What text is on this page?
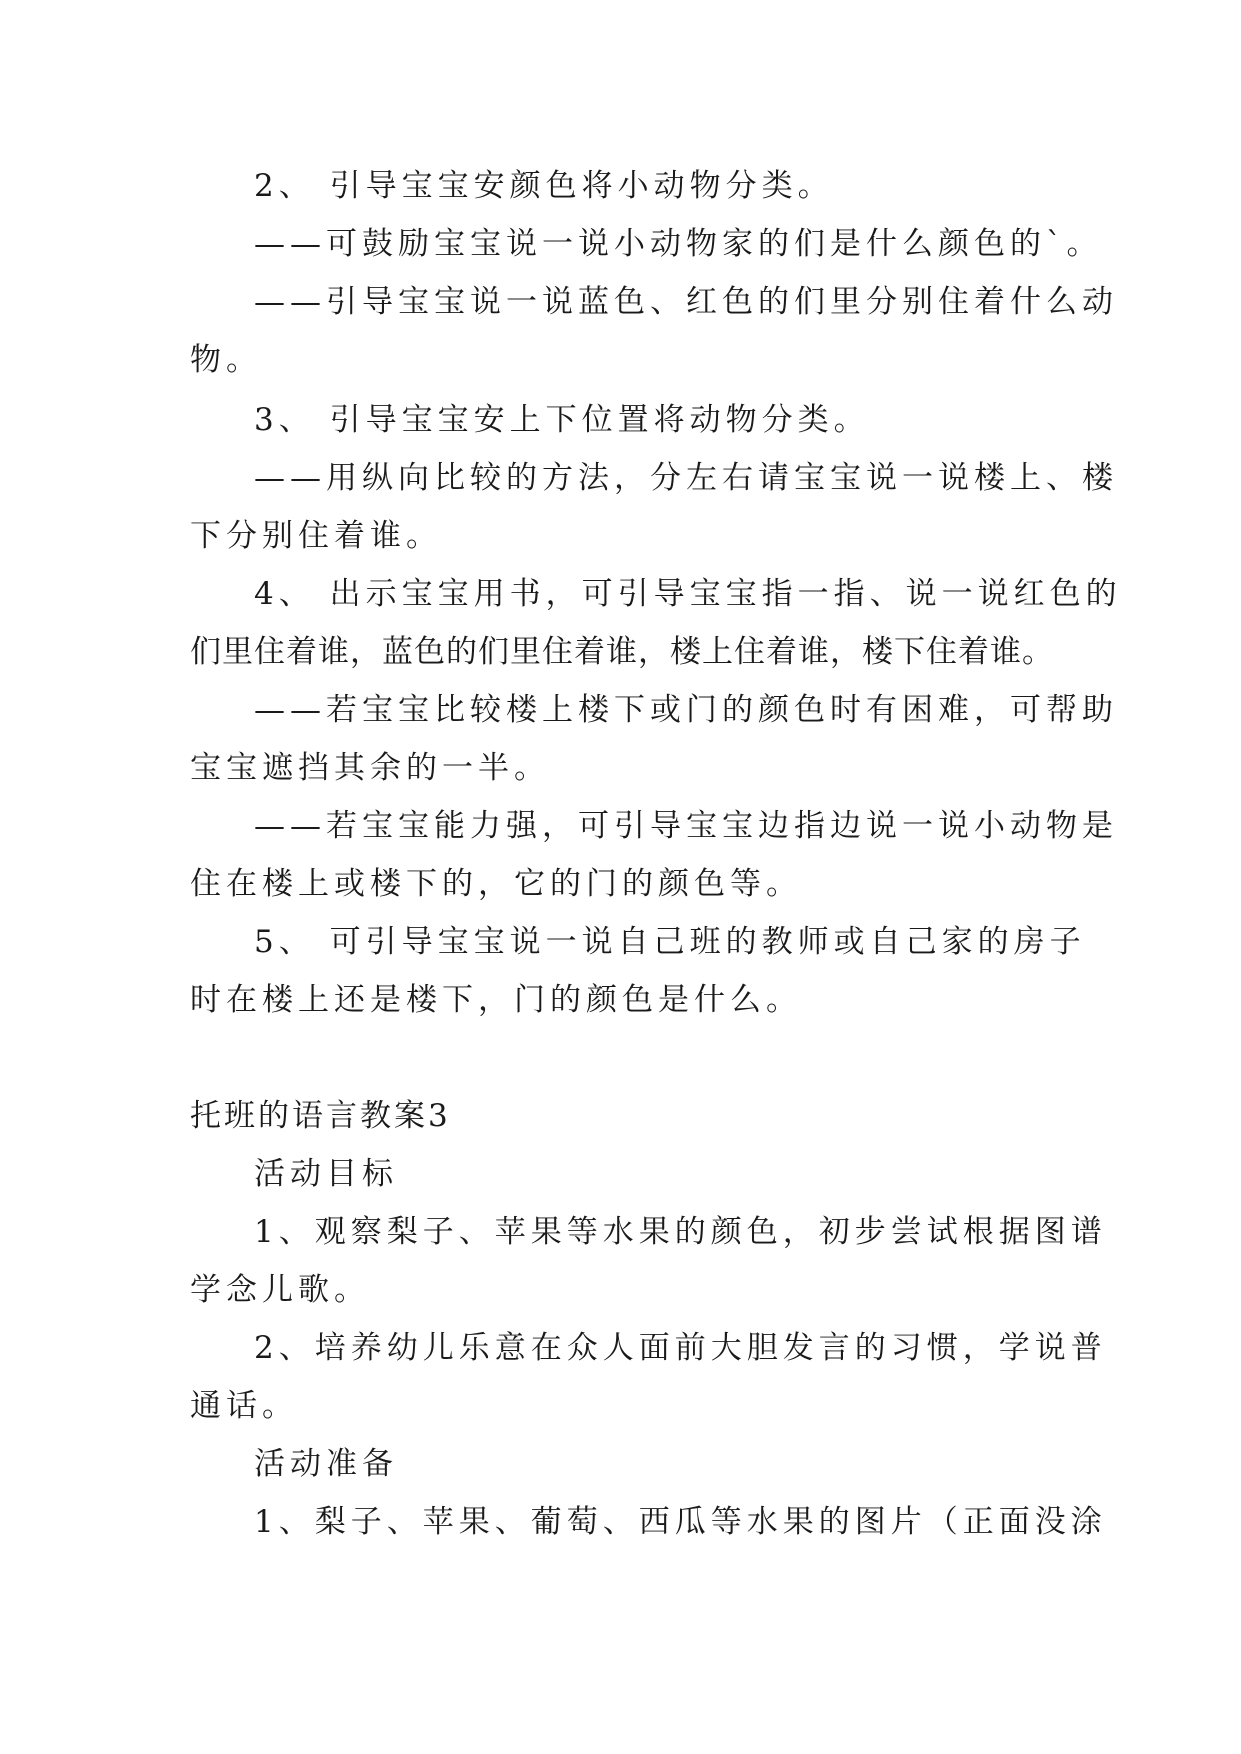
2、 引导宝宝安颜色将小动物分类。

——可鼓励宝宝说一说小动物家的们是什么颜色的`。

——引导宝宝说一说蓝色、红色的们里分别住着什么动

物。

3、 引导宝宝安上下位置将动物分类。

——用纵向比较的方法，分左右请宝宝说一说楼上、楼

下分别住着谁。

4、 出示宝宝用书，可引导宝宝指一指、说一说红色的

们里住着谁，蓝色的们里住着谁，楼上住着谁，楼下住着谁。

——若宝宝比较楼上楼下或门的颜色时有困难，可帮助

宝宝遮挡其余的一半。

——若宝宝能力强，可引导宝宝边指边说一说小动物是

住在楼上或楼下的，它的门的颜色等。

5、 可引导宝宝说一说自己班的教师或自己家的房子

时在楼上还是楼下，门的颜色是什么。

托班的语言教案3

活动目标

1、观察梨子、苹果等水果的颜色，初步尝试根据图谱

学念儿歌。

2、培养幼儿乐意在众人面前大胆发言的习惯，学说普

通话。

活动准备

1、梨子、苹果、葡萄、西瓜等水果的图片（正面没涂
